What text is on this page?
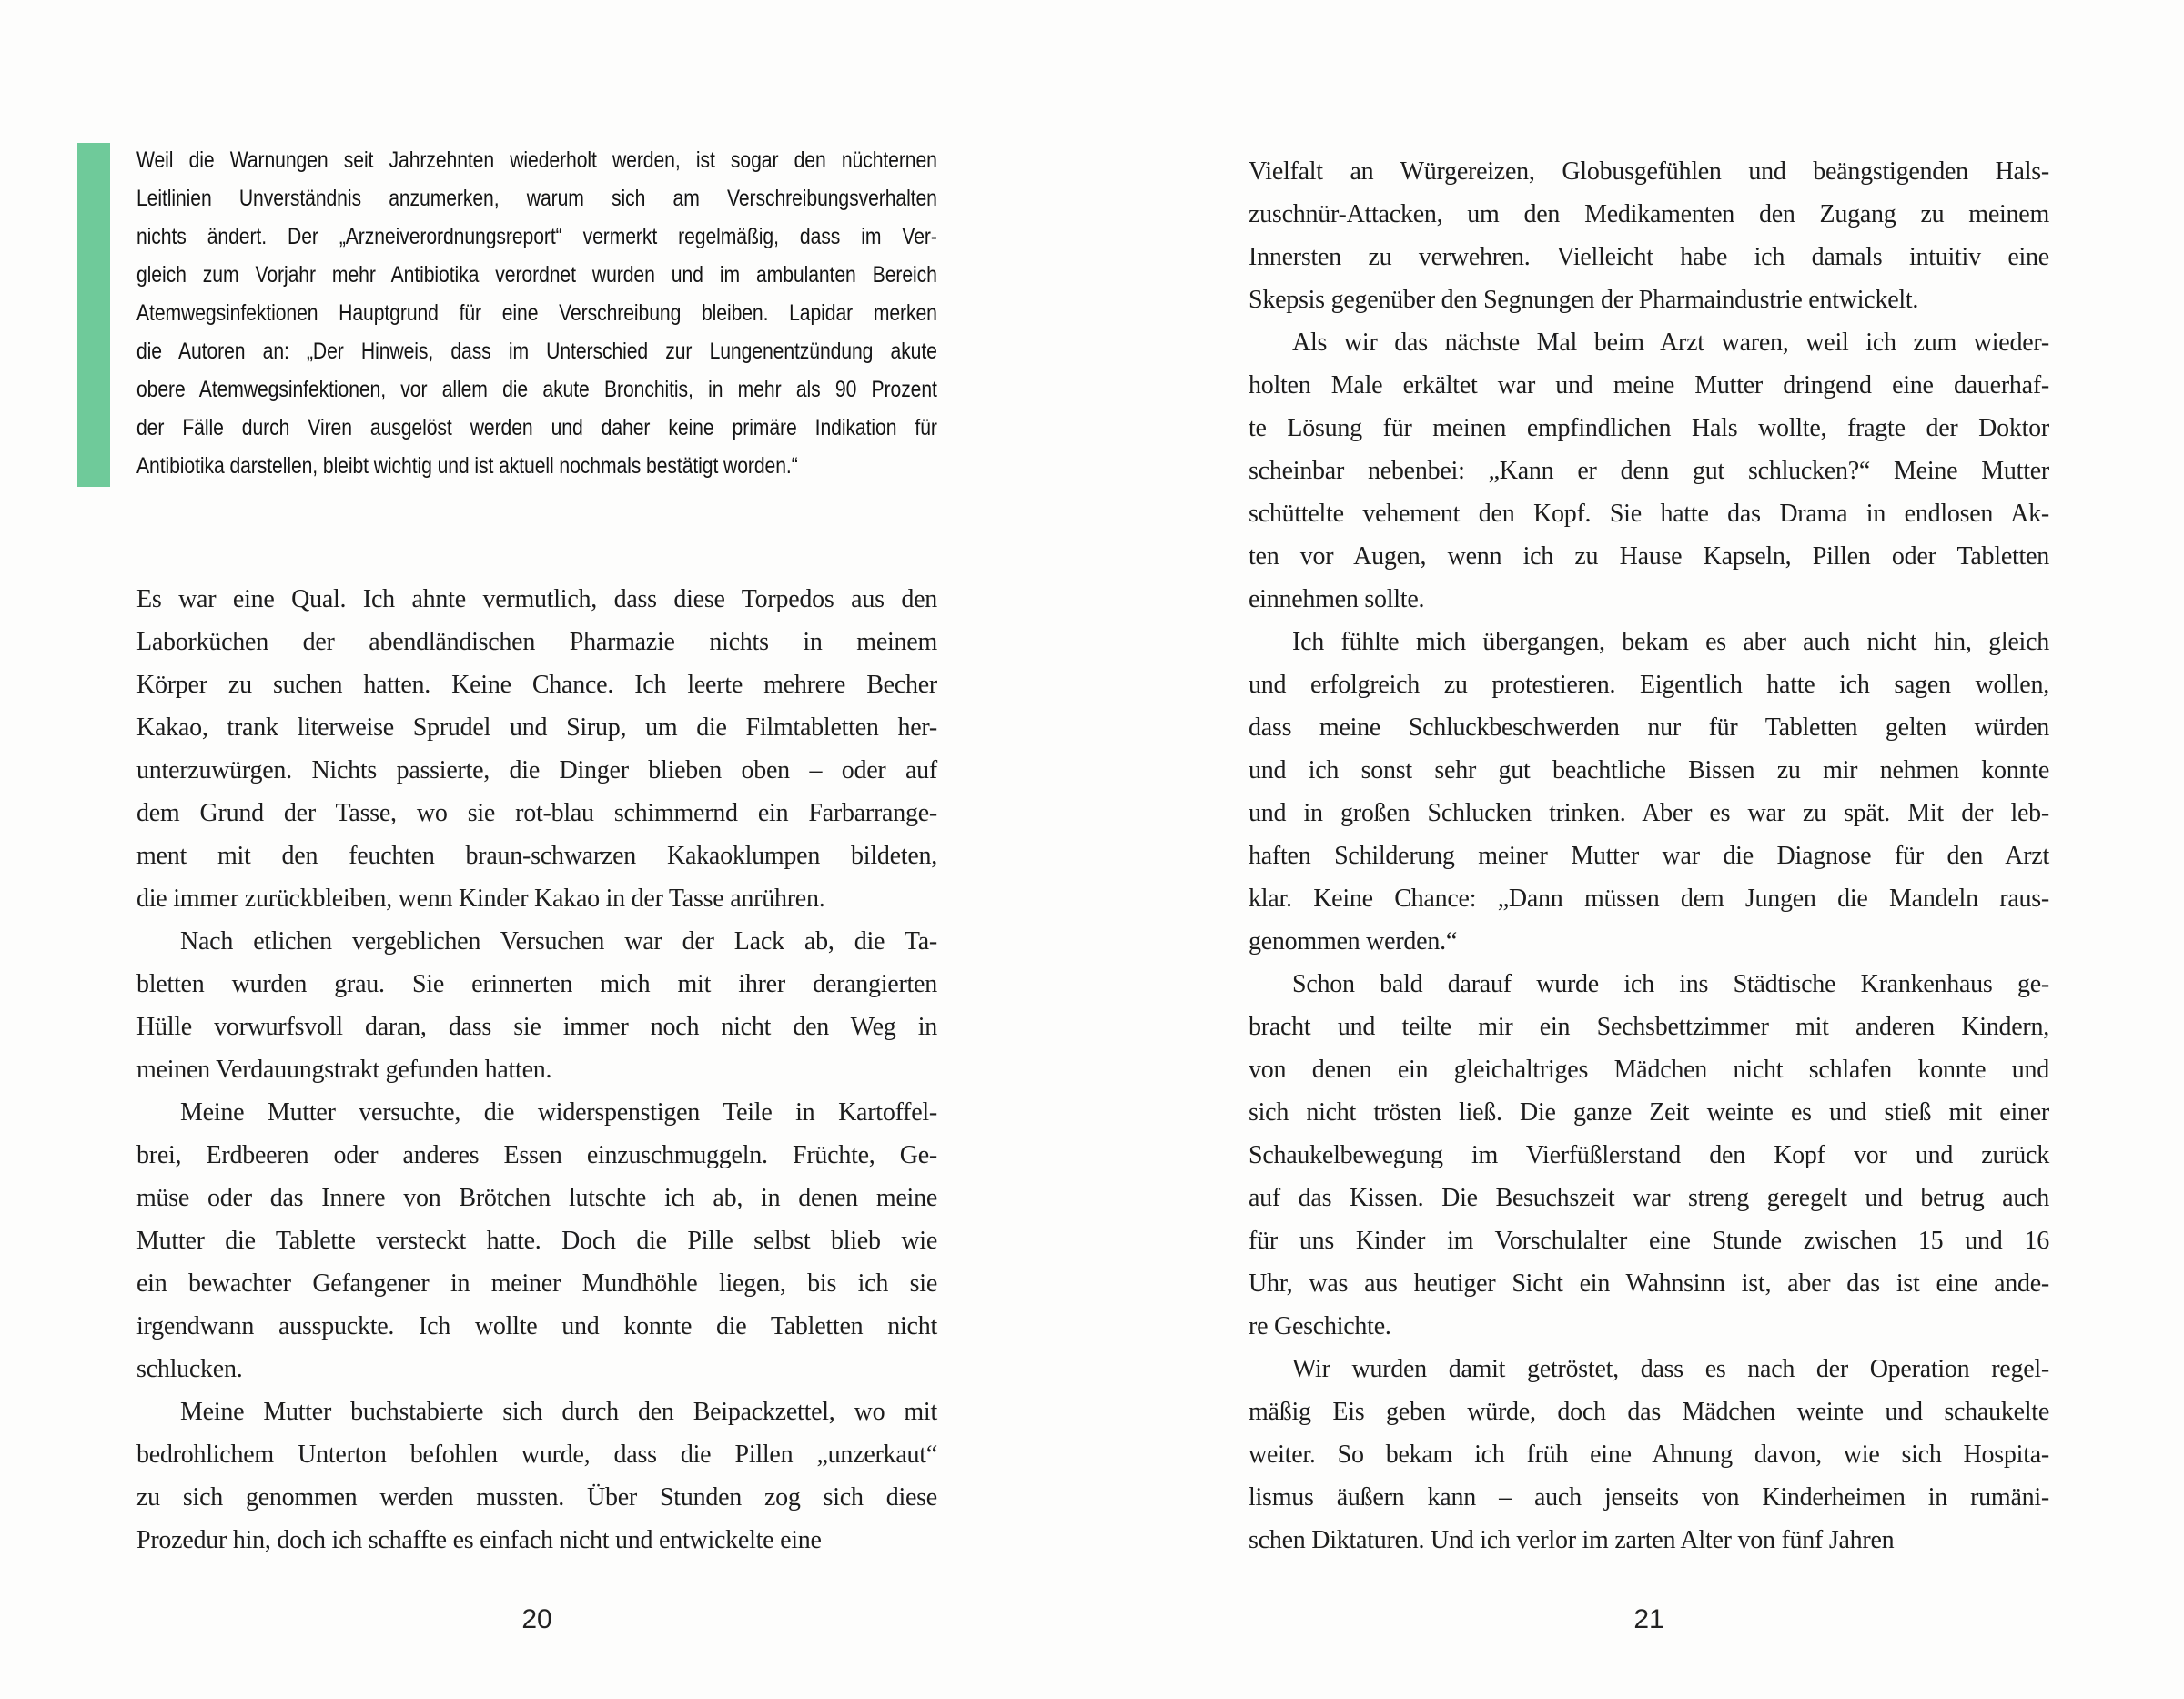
Weil die Warnungen seit Jahrzehnten wiederholt werden, ist sogar den nüchternen
Leitlinien Unverständnis anzumerken, warum sich am Verschreibungsverhalten
nichts ändert. Der „Arzneiverordnungsreport“ vermerkt regelmäßig, dass im Ver-
gleich zum Vorjahr mehr Antibiotika verordnet wurden und im ambulanten Bereich
Atemwegsinfektionen Hauptgrund für eine Verschreibung bleiben. Lapidar merken
die Autoren an: „Der Hinweis, dass im Unterschied zur Lungenentzündung akute
obere Atemwegsinfektionen, vor allem die akute Bronchitis, in mehr als 90 Prozent
der Fälle durch Viren ausgelöst werden und daher keine primäre Indikation für
Antibiotika darstellen, bleibt wichtig und ist aktuell nochmals bestätigt worden.“
Es war eine Qual. Ich ahnte vermutlich, dass diese Torpedos aus den
Laborküchen der abendländischen Pharmazie nichts in meinem
Körper zu suchen hatten. Keine Chance. Ich leerte mehrere Becher
Kakao, trank literweise Sprudel und Sirup, um die Filmtabletten her-
unterzuwürgen. Nichts passierte, die Dinger blieben oben – oder auf
dem Grund der Tasse, wo sie rot-blau schimmernd ein Farbarrange-
ment mit den feuchten braun-schwarzen Kakaoklumpen bildeten,
die immer zurückbleiben, wenn Kinder Kakao in der Tasse anrühren.
Nach etlichen vergeblichen Versuchen war der Lack ab, die Ta-
bletten wurden grau. Sie erinnerten mich mit ihrer derangierten
Hülle vorwurfsvoll daran, dass sie immer noch nicht den Weg in
meinen Verdauungstrakt gefunden hatten.
Meine Mutter versuchte, die widerspenstigen Teile in Kartoffel-
brei, Erdbeeren oder anderes Essen einzuschmuggeln. Früchte, Ge-
müse oder das Innere von Brötchen lutschte ich ab, in denen meine
Mutter die Tablette versteckt hatte. Doch die Pille selbst blieb wie
ein bewachter Gefangener in meiner Mundhöhle liegen, bis ich sie
irgendwann ausspuckte. Ich wollte und konnte die Tabletten nicht
schlucken.
Meine Mutter buchstabierte sich durch den Beipackzettel, wo mit
bedrohlichem Unterton befohlen wurde, dass die Pillen „unzerkaut“
zu sich genommen werden mussten. Über Stunden zog sich diese
Prozedur hin, doch ich schaffte es einfach nicht und entwickelte eine
20
Vielfalt an Würgereizen, Globusgefühlen und beängstigenden Hals-
zuschnür-Attacken, um den Medikamenten den Zugang zu meinem
Innersten zu verwehren. Vielleicht habe ich damals intuitiv eine
Skepsis gegenüber den Segnungen der Pharmaindustrie entwickelt.
Als wir das nächste Mal beim Arzt waren, weil ich zum wieder-
holten Male erkältet war und meine Mutter dringend eine dauerhaf-
te Lösung für meinen empfindlichen Hals wollte, fragte der Doktor
scheinbar nebenbei: „Kann er denn gut schlucken?“ Meine Mutter
schüttelte vehement den Kopf. Sie hatte das Drama in endlosen Ak-
ten vor Augen, wenn ich zu Hause Kapseln, Pillen oder Tabletten
einnehmen sollte.
Ich fühlte mich übergangen, bekam es aber auch nicht hin, gleich
und erfolgreich zu protestieren. Eigentlich hatte ich sagen wollen,
dass meine Schluckbeschwerden nur für Tabletten gelten würden
und ich sonst sehr gut beachtliche Bissen zu mir nehmen konnte
und in großen Schlucken trinken. Aber es war zu spät. Mit der leb-
haften Schilderung meiner Mutter war die Diagnose für den Arzt
klar. Keine Chance: „Dann müssen dem Jungen die Mandeln raus-
genommen werden.“
Schon bald darauf wurde ich ins Städtische Krankenhaus ge-
bracht und teilte mir ein Sechsbettzimmer mit anderen Kindern,
von denen ein gleichaltriges Mädchen nicht schlafen konnte und
sich nicht trösten ließ. Die ganze Zeit weinte es und stieß mit einer
Schaukelbewegung im Vierfüßlerstand den Kopf vor und zurück
auf das Kissen. Die Besuchszeit war streng geregelt und betrug auch
für uns Kinder im Vorschulalter eine Stunde zwischen 15 und 16
Uhr, was aus heutiger Sicht ein Wahnsinn ist, aber das ist eine ande-
re Geschichte.
Wir wurden damit getröstet, dass es nach der Operation regel-
mäßig Eis geben würde, doch das Mädchen weinte und schaukelte
weiter. So bekam ich früh eine Ahnung davon, wie sich Hospita-
lismus äußern kann – auch jenseits von Kinderheimen in rumäni-
schen Diktaturen. Und ich verlor im zarten Alter von fünf Jahren
21
